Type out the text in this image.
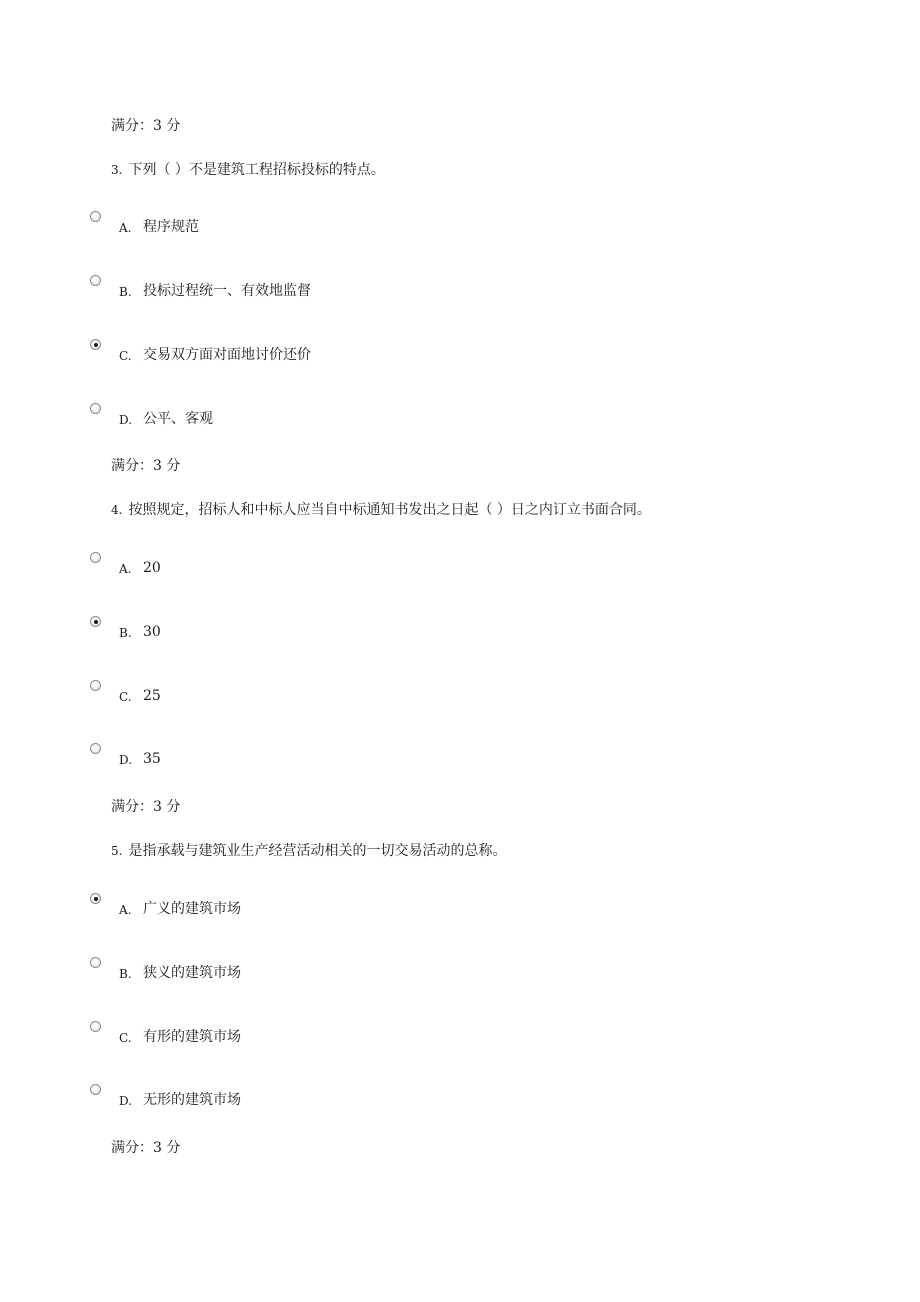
满分：3 分
3. 下列（ ）不是建筑工程招标投标的特点。
A. 程序规范
B. 投标过程统一、有效地监督
C. 交易双方面对面地讨价还价
D. 公平、客观
满分：3 分
4. 按照规定，招标人和中标人应当自中标通知书发出之日起（ ）日之内订立书面合同。
A. 20
B. 30
C. 25
D. 35
满分：3 分
5. 是指承载与建筑业生产经营活动相关的一切交易活动的总称。
A. 广义的建筑市场
B. 狭义的建筑市场
C. 有形的建筑市场
D. 无形的建筑市场
满分：3 分
